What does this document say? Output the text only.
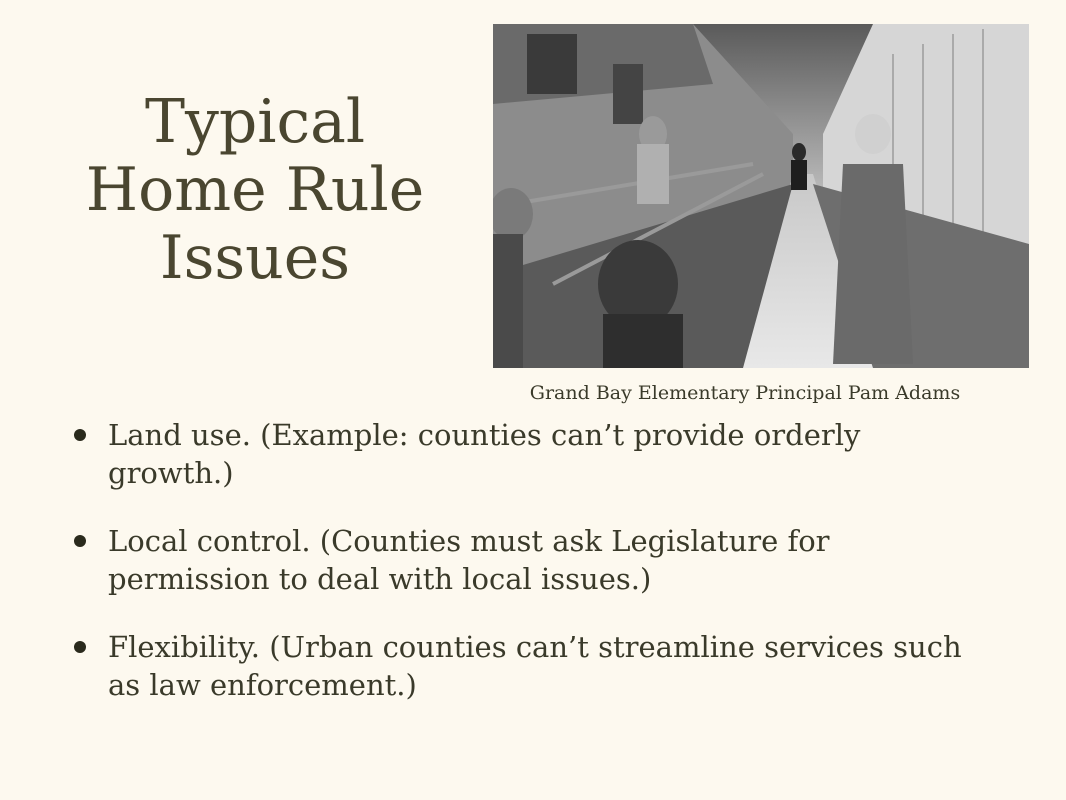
Typical
Home Rule
Issues
Grand Bay Elementary Principal Pam Adams
Land use. (Example: counties can’t provide orderly growth.)
Local control. (Counties must ask Legislature for permission to deal with local issues.)
Flexibility. (Urban counties can’t streamline services such as law enforcement.)
